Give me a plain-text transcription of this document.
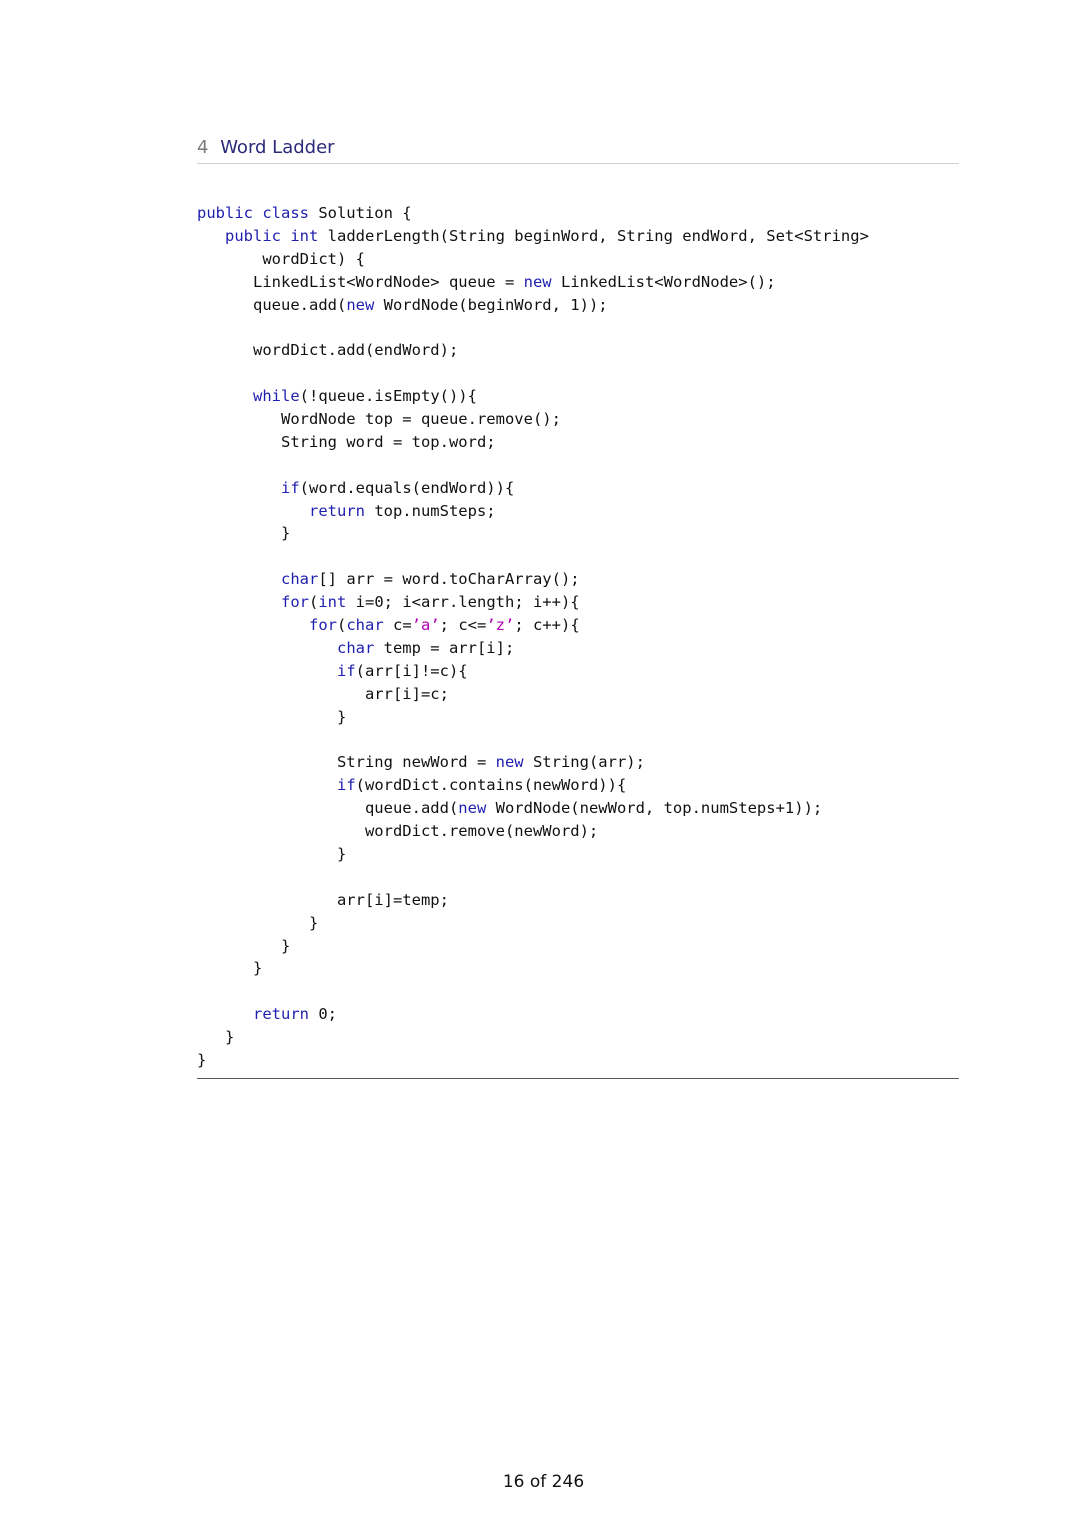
4 Word Ladder
public class Solution {
public int ladderLength(String beginWord, String endWord, Set<String>
wordDict) {
LinkedList<WordNode> queue = new LinkedList<WordNode>();
queue.add(new WordNode(beginWord, 1));
wordDict.add(endWord);
while(!queue.isEmpty()){
WordNode top = queue.remove();
String word = top.word;
if(word.equals(endWord)){
return top.numSteps;
}
char[] arr = word.toCharArray();
for(int i=0; i<arr.length; i++){
for(char c=’a’; c<=’z’; c++){
char temp = arr[i];
if(arr[i]!=c){
arr[i]=c;
}
String newWord = new String(arr);
if(wordDict.contains(newWord)){
queue.add(new WordNode(newWord, top.numSteps+1));
wordDict.remove(newWord);
}
arr[i]=temp;
}
}
}
return 0;
}
}
16 of 246
